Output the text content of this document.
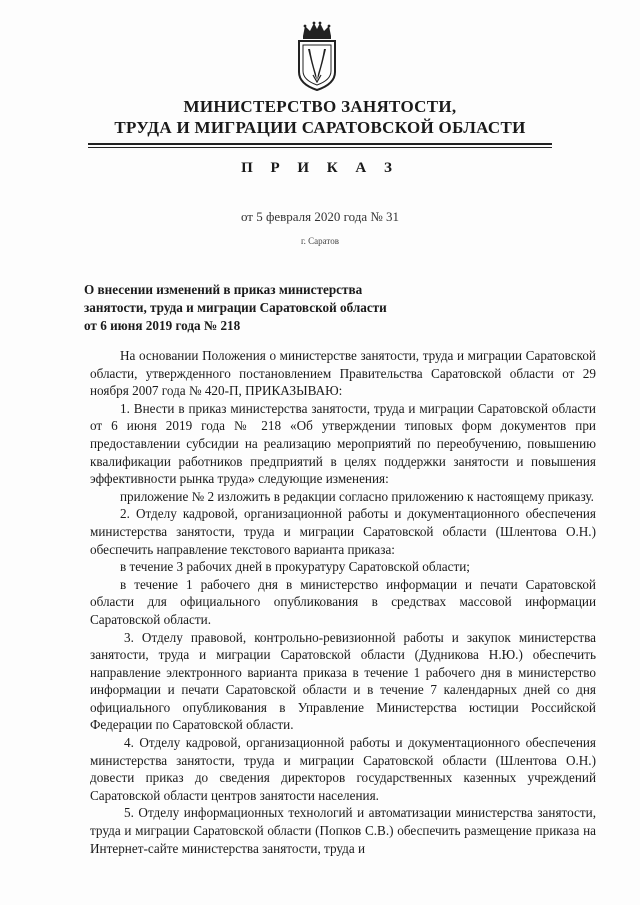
МИНИСТЕРСТВО ЗАНЯТОСТИ,
ТРУДА И МИГРАЦИИ САРАТОВСКОЙ ОБЛАСТИ
П Р И К А З
от 5 февраля 2020 года № 31
г. Саратов
О внесении изменений в приказ министерства
занятости, труда и миграции Саратовской области
от 6 июня 2019 года № 218

На основании Положения о министерстве занятости, труда и миграции Саратовской области, утвержденного постановлением Правительства Саратовской области от 29 ноября 2007 года № 420-П, ПРИКАЗЫВАЮ:

1. Внести в приказ министерства занятости, труда и миграции Саратовской области от 6 июня 2019 года № 218 «Об утверждении типовых форм документов при предоставлении субсидии на реализацию мероприятий по переобучению, повышению квалификации работников предприятий в целях поддержки занятости и повышения эффективности рынка труда» следующие изменения:

приложение № 2 изложить в редакции согласно приложению к настоящему приказу.

2. Отделу кадровой, организационной работы и документационного обеспечения министерства занятости, труда и миграции Саратовской области (Шлентова О.Н.) обеспечить направление текстового варианта приказа:

в течение 3 рабочих дней в прокуратуру Саратовской области;

в течение 1 рабочего дня в министерство информации и печати Саратовской области для официального опубликования в средствах массовой информации Саратовской области.

3. Отделу правовой, контрольно-ревизионной работы и закупок министерства занятости, труда и миграции Саратовской области (Дудникова Н.Ю.) обеспечить направление электронного варианта приказа в течение 1 рабочего дня в министерство информации и печати Саратовской области и в течение 7 календарных дней со дня официального опубликования в Управление Министерства юстиции Российской Федерации по Саратовской области.

4. Отделу кадровой, организационной работы и документационного обеспечения министерства занятости, труда и миграции Саратовской области (Шлентова О.Н.) довести приказ до сведения директоров государственных казенных учреждений Саратовской области центров занятости населения.

5. Отделу информационных технологий и автоматизации министерства занятости, труда и миграции Саратовской области (Попков С.В.) обеспечить размещение приказа на Интернет-сайте министерства занятости, труда и
